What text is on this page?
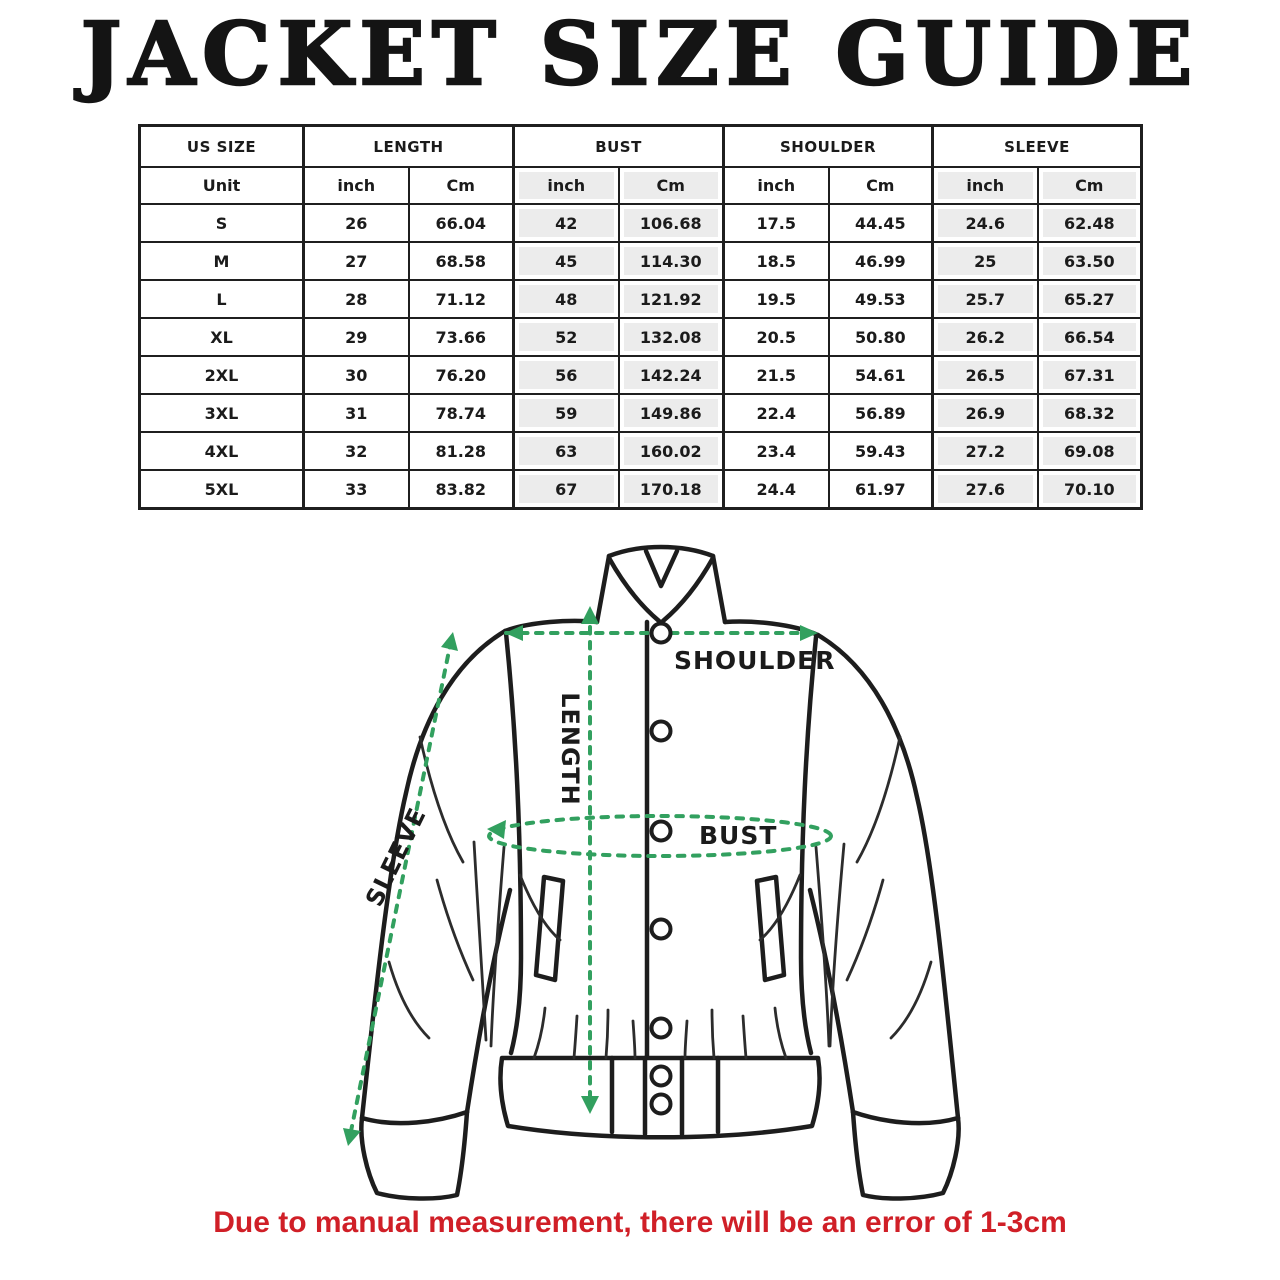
JACKET SIZE GUIDE
US SIZE	LENGTH		BUST		SHOULDER		SLEEVE	
Unit	inch	Cm	inch	Cm	inch	Cm	inch	Cm
S	26	66.04	42	106.68	17.5	44.45	24.6	62.48
M	27	68.58	45	114.30	18.5	46.99	25	63.50
L	28	71.12	48	121.92	19.5	49.53	25.7	65.27
XL	29	73.66	52	132.08	20.5	50.80	26.2	66.54
2XL	30	76.20	56	142.24	21.5	54.61	26.5	67.31
3XL	31	78.74	59	149.86	22.4	56.89	26.9	68.32
4XL	32	81.28	63	160.02	23.4	59.43	27.2	69.08
5XL	33	83.82	67	170.18	24.4	61.97	27.6	70.10
SHOULDER
BUST
LENGTH
SLEEVE
Due to manual measurement, there will be an error of 1-3cm
